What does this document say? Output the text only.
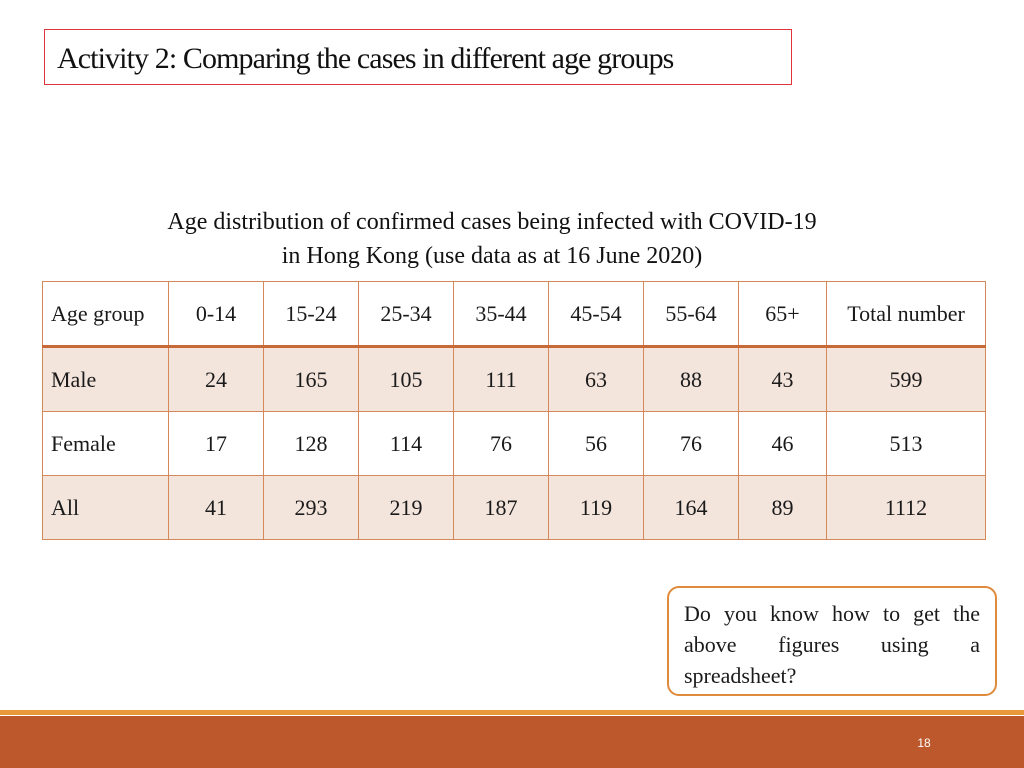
Activity 2: Comparing the cases in different age groups
Age distribution of confirmed cases being infected with COVID-19
in Hong Kong (use data as at 16 June 2020)
Age group	0-14	15-24	25-34	35-44	45-54	55-64	65+	Total number
Male	24	165	105	111	63	88	43	599
Female	17	128	114	76	56	76	46	513
All	41	293	219	187	119	164	89	1112
Do you know how to get the above figures using a spreadsheet?
18
